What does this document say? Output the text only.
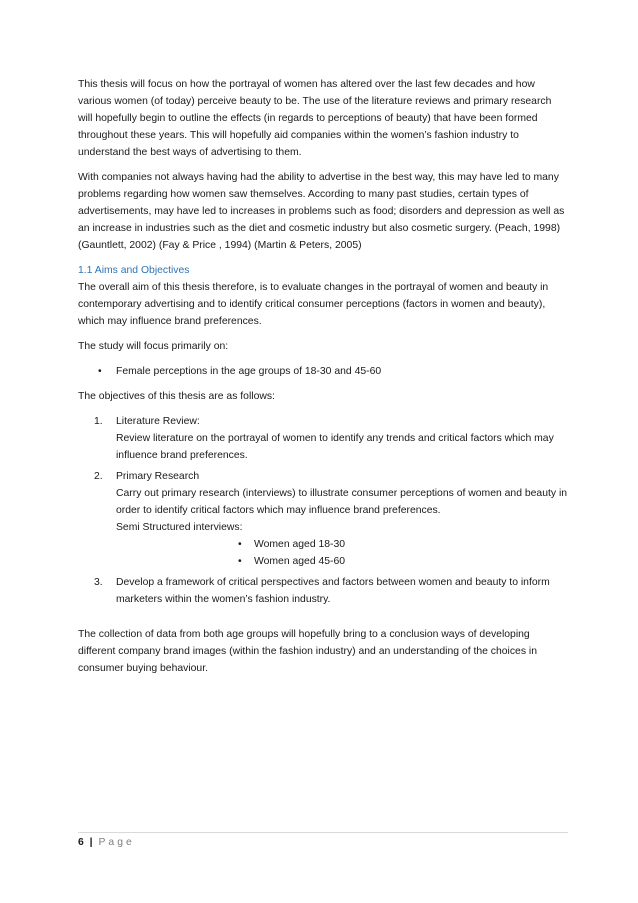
This thesis will focus on how the portrayal of women has altered over the last few decades and how various women (of today) perceive beauty to be. The use of the literature reviews and primary research will hopefully begin to outline the effects (in regards to perceptions of beauty) that have been formed throughout these years. This will hopefully aid companies within the women’s fashion industry to understand the best ways of advertising to them.

With companies not always having had the ability to advertise in the best way, this may have led to many problems regarding how women saw themselves. According to many past studies, certain types of advertisements, may have led to increases in problems such as food; disorders and depression as well as an increase in industries such as the diet and cosmetic industry but also cosmetic surgery. (Peach, 1998) (Gauntlett, 2002) (Fay & Price , 1994) (Martin & Peters, 2005)

1.1 Aims and Objectives

The overall aim of this thesis therefore, is to evaluate changes in the portrayal of women and beauty in contemporary advertising and to identify critical consumer perceptions (factors in women and beauty), which may influence brand preferences.

The study will focus primarily on:

• Female perceptions in the age groups of 18-30 and 45-60

The objectives of this thesis are as follows:

1. Literature Review:
Review literature on the portrayal of women to identify any trends and critical factors which may influence brand preferences.
2. Primary Research
Carry out primary research (interviews) to illustrate consumer perceptions of women and beauty in order to identify critical factors which may influence brand preferences.
Semi Structured interviews:
• Women aged 18-30
• Women aged 45-60
3. Develop a framework of critical perspectives and factors between women and beauty to inform marketers within the women’s fashion industry.

The collection of data from both age groups will hopefully bring to a conclusion ways of developing different company brand images (within the fashion industry) and an understanding of the choices in consumer buying behaviour.

6 | Page
